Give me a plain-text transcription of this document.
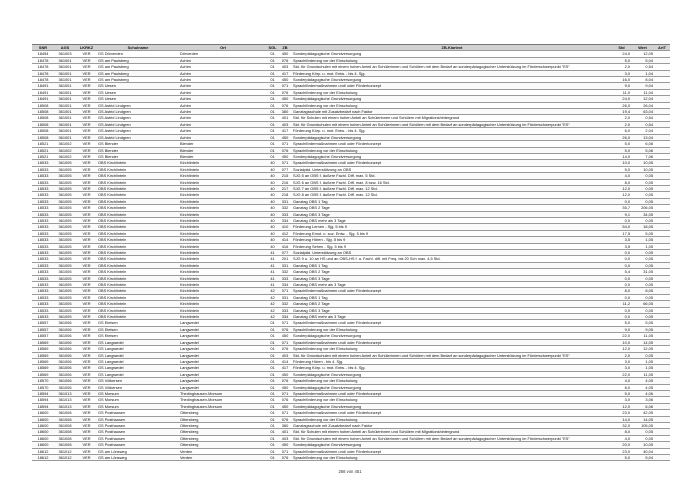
SNR	AGS	LKRKZ	Schulname	Ort	SGL	ZB	ZB-Klartext	Std	Wert	ArtT
18454	361003	VER	GS Dörverden	Dörverden	01	450	Sonderpädagogische Grundversorgung	24,0	12,05	
18478	361001	VER	GS am Paulsberg	Achim	01	076	Sprachförderung vor der Einschulung	5,0	5,04	
18478	361001	VER	GS am Paulsberg	Achim	01	403	Std. für Grundschulen mit einem hohen Anteil an Schülerinnen und Schülern mit dem Bedarf an sonderpädagogischer Unterstützung im Förderschwerpunkt "ES"	2,0	0,54	
18478	361001	VER	GS am Paulsberg	Achim	01	417	Förderung Körp. u. mot. Entw. - bis 4. Sjg.	3,0	1,04	
18478	361001	VER	GS am Paulsberg	Achim	01	450	Sonderpädagogische Grundversorgung	16,0	8,04	
18491	361001	VER	GS Uesen	Achim	01	071	Sprachfördermaßnahmen und/ oder Förderkonzept	9,0	9,04	
18491	361001	VER	GS Uesen	Achim	01	076	Sprachförderung vor der Einschulung	11,0	11,04	
18491	361001	VER	GS Uesen	Achim	01	450	Sonderpädagogische Grundversorgung	24,0	12,04	
18508	361001	VER	GS Astrid Lindgren	Achim	01	076	Sprachförderung vor der Einschulung	26,0	26,04	
18508	361001	VER	GS Astrid Lindgren	Achim	01	380	Ganztagsschule mit Zusatzbedarf nach Faktor	19,4	63,04	
18508	361001	VER	GS Astrid Lindgren	Achim	01	401	Std. für Schulen mit einem hohen Anteil an Schülerinnen und Schülern mit Migrationshintergrund	2,0	0,54	
18508	361001	VER	GS Astrid Lindgren	Achim	01	403	Std. für Grundschulen mit einem hohen Anteil an Schülerinnen und Schülern mit dem Bedarf an sonderpädagogischer Unterstützung im Förderschwerpunkt "ES"	2,0	0,54	
18508	361001	VER	GS Astrid Lindgren	Achim	01	417	Förderung Körp. u. mot. Entw. - bis 4. Sjg.	6,0	2,04	
18508	361001	VER	GS Astrid Lindgren	Achim	01	450	Sonderpädagogische Grundversorgung	26,0	13,04	
18521	361002	VER	GS Blender	Blender	01	071	Sprachfördermaßnahmen und/ oder Förderkonzept	5,0	6,06	
18521	361002	VER	GS Blender	Blender	01	076	Sprachförderung vor der Einschulung	5,0	5,06	
18521	361002	VER	GS Blender	Blender	01	450	Sonderpädagogische Grundversorgung	14,0	7,06	
18533	361005	VER	OBS Kirchlinteln	Kirchlinteln	40	071	Sprachfördermaßnahmen und/ oder Förderkonzept	10,0	10,05	
18533	361005	VER	OBS Kirchlinteln	Kirchlinteln	40	077	Sozialpäd. Unterstützung an OBS	5,0	10,05	
18533	361005	VER	OBS Kirchlinteln	Kirchlinteln	40	215	SJG 5 an OBS f. äußere Fachl. Diff. max. 5 Std.	4,0	0,05	
18533	361005	VER	OBS Kirchlinteln	Kirchlinteln	40	216	SJG 6 an OBS f. äußere Fachl. Diff. max. 8 bzw. 16 Std.	8,0	0,05	
18533	361005	VER	OBS Kirchlinteln	Kirchlinteln	40	217	SJG 7 an OBS f. äußere Fachl. Diff. max. 12 Std.	12,0	0,05	
18533	361005	VER	OBS Kirchlinteln	Kirchlinteln	40	218	SJG 8 an OBS f. äußere Fachl. Diff. max. 12 Std.	12,0	0,05	
18533	361005	VER	OBS Kirchlinteln	Kirchlinteln	40	331	Ganztag OBS 1 Tag	0,0	0,05	
18533	361005	VER	OBS Kirchlinteln	Kirchlinteln	40	332	Ganztag OBS 2 Tage	35,7	206,05	
18533	361005	VER	OBS Kirchlinteln	Kirchlinteln	40	333	Ganztag OBS 3 Tage	9,1	34,05	
18533	361005	VER	OBS Kirchlinteln	Kirchlinteln	40	334	Ganztag OBS mehr als 3 Tage	0,0	0,05	
18533	361005	VER	OBS Kirchlinteln	Kirchlinteln	40	410	Förderung Lernen - Sjg. 5 bis 9	54,0	18,05	
18533	361005	VER	OBS Kirchlinteln	Kirchlinteln	40	412	Förderung Emot. u. soz. Entw. - Sjg. 5 bis 9	17,5	5,05	
18533	361005	VER	OBS Kirchlinteln	Kirchlinteln	40	414	Förderung Hören - Sjg. 5 bis 9	3,5	1,05	
18533	361005	VER	OBS Kirchlinteln	Kirchlinteln	40	416	Förderung Sehen - Sjg. 5 bis 9	3,5	1,05	
18533	361005	VER	OBS Kirchlinteln	Kirchlinteln	41	077	Sozialpäd. Unterstützung an OBS	0,0	0,05	
18533	361005	VER	OBS Kirchlinteln	Kirchlinteln	41	201	SJG 9 u. 10 an HS und an OBS-HS f. a. Fachl. diff. mit Freq. bis 20 Sch max. 4,5 Std.	0,0	0,05	
18533	361005	VER	OBS Kirchlinteln	Kirchlinteln	41	331	Ganztag OBS 1 Tag	0,0	0,05	
18533	361005	VER	OBS Kirchlinteln	Kirchlinteln	41	332	Ganztag OBS 2 Tage	5,4	31,05	
18533	361005	VER	OBS Kirchlinteln	Kirchlinteln	41	333	Ganztag OBS 3 Tage	0,0	0,05	
18533	361005	VER	OBS Kirchlinteln	Kirchlinteln	41	334	Ganztag OBS mehr als 3 Tage	0,0	0,05	
18533	361005	VER	OBS Kirchlinteln	Kirchlinteln	42	071	Sprachfördermaßnahmen und/ oder Förderkonzept	8,0	8,05	
18533	361005	VER	OBS Kirchlinteln	Kirchlinteln	42	331	Ganztag OBS 1 Tag	0,0	0,05	
18533	361005	VER	OBS Kirchlinteln	Kirchlinteln	42	332	Ganztag OBS 2 Tage	11,2	66,05	
18533	361005	VER	OBS Kirchlinteln	Kirchlinteln	42	333	Ganztag OBS 3 Tage	0,0	0,05	
18533	361005	VER	OBS Kirchlinteln	Kirchlinteln	42	334	Ganztag OBS mehr als 3 Tage	0,0	0,05	
18557	361006	VER	GS Etelsen	Langwedel	01	071	Sprachfördermaßnahmen und/ oder Förderkonzept	5,0	5,05	
18557	361006	VER	GS Etelsen	Langwedel	01	076	Sprachförderung vor der Einschulung	9,0	9,05	
18557	361006	VER	GS Etelsen	Langwedel	01	450	Sonderpädagogische Grundversorgung	22,0	11,05	
18569	361006	VER	GS Langwedel	Langwedel	01	071	Sprachfördermaßnahmen und/ oder Förderkonzept	10,0	14,05	
18569	361006	VER	GS Langwedel	Langwedel	01	076	Sprachförderung vor der Einschulung	12,0	12,05	
18569	361006	VER	GS Langwedel	Langwedel	01	403	Std. für Grundschulen mit einem hohen Anteil an Schülerinnen und Schülern mit dem Bedarf an sonderpädagogischer Unterstützung im Förderschwerpunkt "ES"	2,0	0,05	
18569	361006	VER	GS Langwedel	Langwedel	01	414	Förderung Hören - bis 4. Sjg.	3,0	1,05	
18569	361006	VER	GS Langwedel	Langwedel	01	417	Förderung Körp. u. mot. Entw. - bis 4. Sjg.	3,0	1,05	
18569	361006	VER	GS Langwedel	Langwedel	01	450	Sonderpädagogische Grundversorgung	22,0	11,05	
18570	361006	VER	GS Völkersen	Langwedel	01	076	Sprachförderung vor der Einschulung	4,0	4,05	
18570	361006	VER	GS Völkersen	Langwedel	01	450	Sonderpädagogische Grundversorgung	8,0	4,05	
18594	361013	VER	GS Morsum	Thedinghausen-Morsum	01	071	Sprachfördermaßnahmen und/ oder Förderkonzept	5,0	4,06	
18594	361013	VER	GS Morsum	Thedinghausen-Morsum	01	076	Sprachförderung vor der Einschulung	3,0	3,06	
18594	361013	VER	GS Morsum	Thedinghausen-Morsum	01	450	Sonderpädagogische Grundversorgung	12,0	6,06	
18600	361008	VER	GS Posthausen	Ottersberg	01	071	Sprachfördermaßnahmen und/ oder Förderkonzept	23,0	42,05	
18600	361008	VER	GS Posthausen	Ottersberg	01	076	Sprachförderung vor der Einschulung	14,0	14,05	
18600	361008	VER	GS Posthausen	Ottersberg	01	380	Ganztagsschule mit Zusatzbedarf nach Faktor	32,0	105,05	
18600	361008	VER	GS Posthausen	Ottersberg	01	401	Std. für Schulen mit einem hohen Anteil an Schülerinnen und Schülern mit Migrationshintergrund	8,0	0,05	
18600	361008	VER	GS Posthausen	Ottersberg	01	403	Std. für Grundschulen mit einem hohen Anteil an Schülerinnen und Schülern mit dem Bedarf an sonderpädagogischer Unterstützung im Förderschwerpunkt "ES"	4,0	0,05	
18600	361008	VER	GS Posthausen	Ottersberg	01	450	Sonderpädagogische Grundversorgung	20,0	10,05	
18612	361012	VER	GS am Lönsweg	Verden	01	071	Sprachfördermaßnahmen und/ oder Förderkonzept	23,0	40,04	
18612	361012	VER	GS am Lönsweg	Verden	01	076	Sprachförderung vor der Einschulung	5,0	5,04	
268 von 451
